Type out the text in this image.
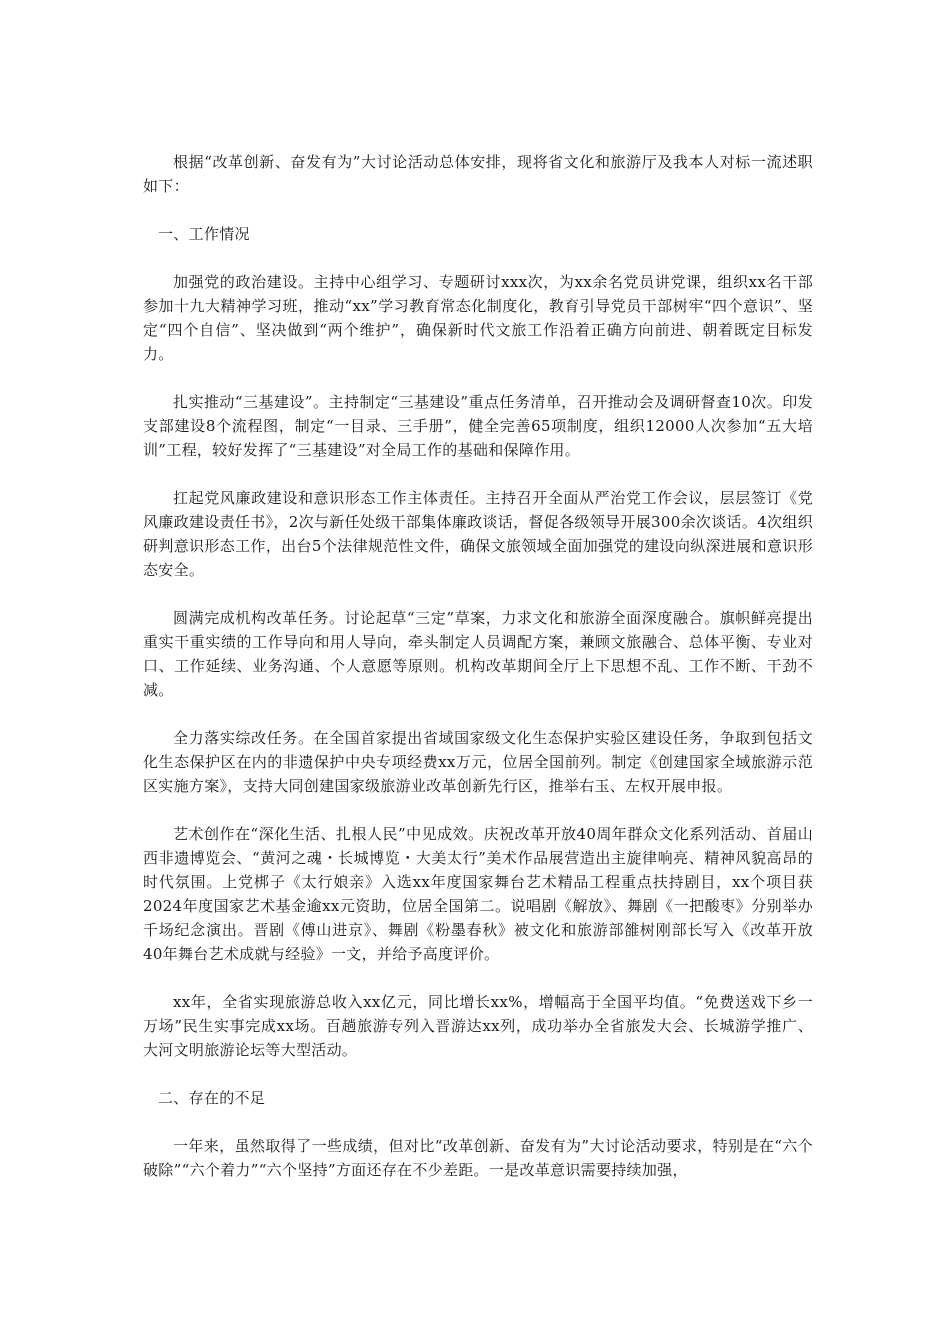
根据“改革创新、奋发有为”大讨论活动总体安排，现将省文化和旅游厅及我本人对标一流述职如下：

一、工作情况

加强党的政治建设。主持中心组学习、专题研讨xxx次，为xx余名党员讲党课，组织xx名干部参加十九大精神学习班，推动“xx”学习教育常态化制度化，教育引导党员干部树牢“四个意识”、坚定“四个自信”、坚决做到“两个维护”，确保新时代文旅工作沿着正确方向前进、朝着既定目标发力。

扎实推动“三基建设”。主持制定“三基建设”重点任务清单，召开推动会及调研督查10次。印发支部建设8个流程图，制定“一目录、三手册”，健全完善65项制度，组织12000人次参加“五大培训”工程，较好发挥了“三基建设”对全局工作的基础和保障作用。

扛起党风廉政建设和意识形态工作主体责任。主持召开全面从严治党工作会议，层层签订《党风廉政建设责任书》，2次与新任处级干部集体廉政谈话，督促各级领导开展300余次谈话。4次组织研判意识形态工作，出台5个法律规范性文件，确保文旅领域全面加强党的建设向纵深进展和意识形态安全。

圆满完成机构改革任务。讨论起草“三定”草案，力求文化和旅游全面深度融合。旗帜鲜亮提出重实干重实绩的工作导向和用人导向，牵头制定人员调配方案，兼顾文旅融合、总体平衡、专业对口、工作延续、业务沟通、个人意愿等原则。机构改革期间全厅上下思想不乱、工作不断、干劲不减。

全力落实综改任务。在全国首家提出省域国家级文化生态保护实验区建设任务，争取到包括文化生态保护区在内的非遗保护中央专项经费xx万元，位居全国前列。制定《创建国家全域旅游示范区实施方案》，支持大同创建国家级旅游业改革创新先行区，推举右玉、左权开展申报。

艺术创作在“深化生活、扎根人民”中见成效。庆祝改革开放40周年群众文化系列活动、首届山西非遗博览会、“黄河之魂・长城博览・大美太行”美术作品展营造出主旋律响亮、精神风貌高昂的时代氛围。上党梆子《太行娘亲》入选xx年度国家舞台艺术精品工程重点扶持剧目，xx个项目获2024年度国家艺术基金逾xx元资助，位居全国第二。说唱剧《解放》、舞剧《一把酸枣》分别举办千场纪念演出。晋剧《傅山进京》、舞剧《粉墨春秋》被文化和旅游部雒树刚部长写入《改革开放40年舞台艺术成就与经验》一文，并给予高度评价。

xx年，全省实现旅游总收入xx亿元，同比增长xx%，增幅高于全国平均值。“免费送戏下乡一万场”民生实事完成xx场。百趟旅游专列入晋游达xx列，成功举办全省旅发大会、长城游学推广、大河文明旅游论坛等大型活动。

二、存在的不足

一年来，虽然取得了一些成绩，但对比“改革创新、奋发有为”大讨论活动要求，特别是在“六个破除”“六个着力”“六个坚持”方面还存在不少差距。一是改革意识需要持续加强，
